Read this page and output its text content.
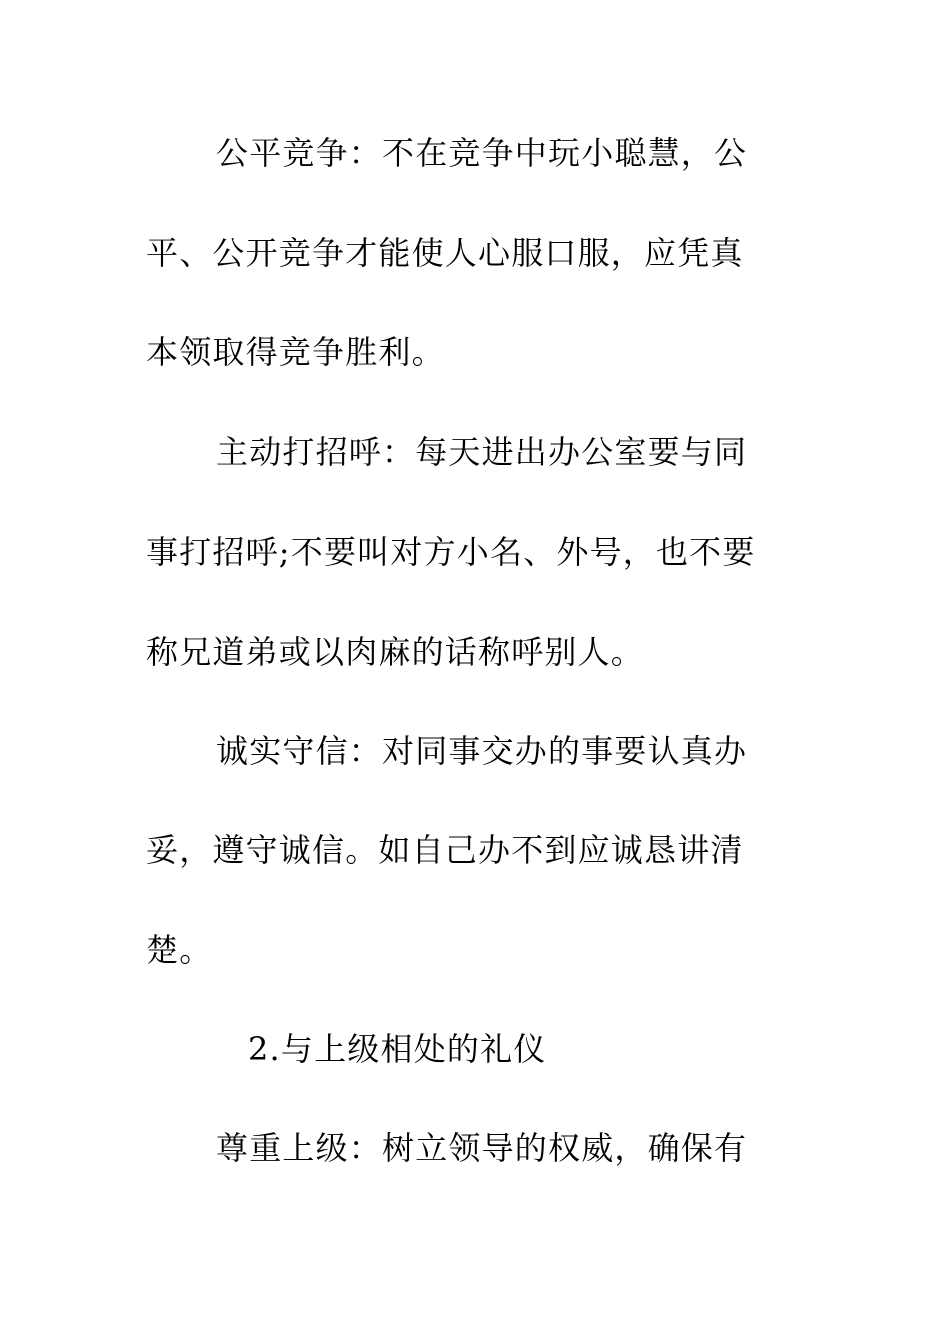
公平竞争：不在竞争中玩小聪慧，公
平、公开竞争才能使人心服口服，应凭真
本领取得竞争胜利。
主动打招呼：每天进出办公室要与同
事打招呼;不要叫对方小名、外号，也不要
称兄道弟或以肉麻的话称呼别人。
诚实守信：对同事交办的事要认真办
妥，遵守诚信。如自己办不到应诚恳讲清
楚。
2.与上级相处的礼仪
尊重上级：树立领导的权威，确保有
